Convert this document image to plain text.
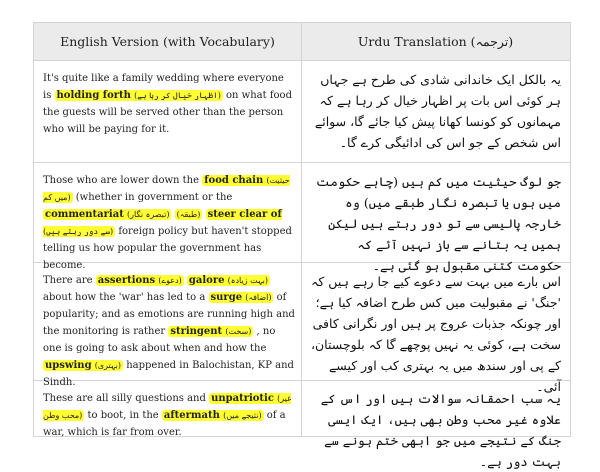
English Version (with Vocabulary)	Urdu Translation (ترجمہ)
It's quite like a family wedding where everyone is holding forth (اظہار خیال کر رہا ہے) on what food the guests will be served other than the person who will be paying for it.
یہ بالکل ایک خاندانی شادی کی طرح ہے جہاں ہر کوئی اس بات پر اظہار خیال کر رہا ہے کہ مہمانوں کو کونسا کھانا پیش کیا جائے گا، سوائے اس شخص کے جو اس کی ادائیگی کرے گا۔
Those who are lower down the food chain (حیثیت میں کم) (whether in government or the commentariat (تبصرہ نگار) (طبقہ) steer clear of (سے دور رہتے ہیں) foreign policy but haven't stopped telling us how popular the government has become.
جو لوگ حیثیت میں کم ہیں (چاہے حکومت میں ہوں یا تبصرہ نگار طبقے میں) وہ خارجہ پالیسی سے تو دور رہتے ہیں لیکن ہمیں یہ بتانے سے باز نہیں آئے کہ حکومت کتنی مقبول ہو گئی ہے۔
There are assertions (دعوے) galore (بہت زیادہ) about how the 'war' has led to a surge (اضافہ) of popularity; and as emotions are running high and the monitoring is rather stringent (سخت) , no one is going to ask about when and how the upswing (بہتری) happened in Balochistan, KP and Sindh.
اس بارے میں بہت سے دعوے کیے جا رہے ہیں کہ 'جنگ' نے مقبولیت میں کس طرح اضافہ کیا ہے؛ اور چونکہ جذبات عروج پر ہیں اور نگرانی کافی سخت ہے، کوئی یہ نہیں پوچھے گا کہ بلوچستان، کے پی اور سندھ میں یہ بہتری کب اور کیسے آئی۔
These are all silly questions and unpatriotic (غیر محب وطن) to boot, in the aftermath (نتیجے میں) of a war, which is far from over.
یہ سب احمقانہ سوالات ہیں اور اس کے علاوہ غیر محب وطن بھی ہیں، ایک ایسی جنگ کے نتیجے میں جو ابھی ختم ہونے سے بہت دور ہے۔
